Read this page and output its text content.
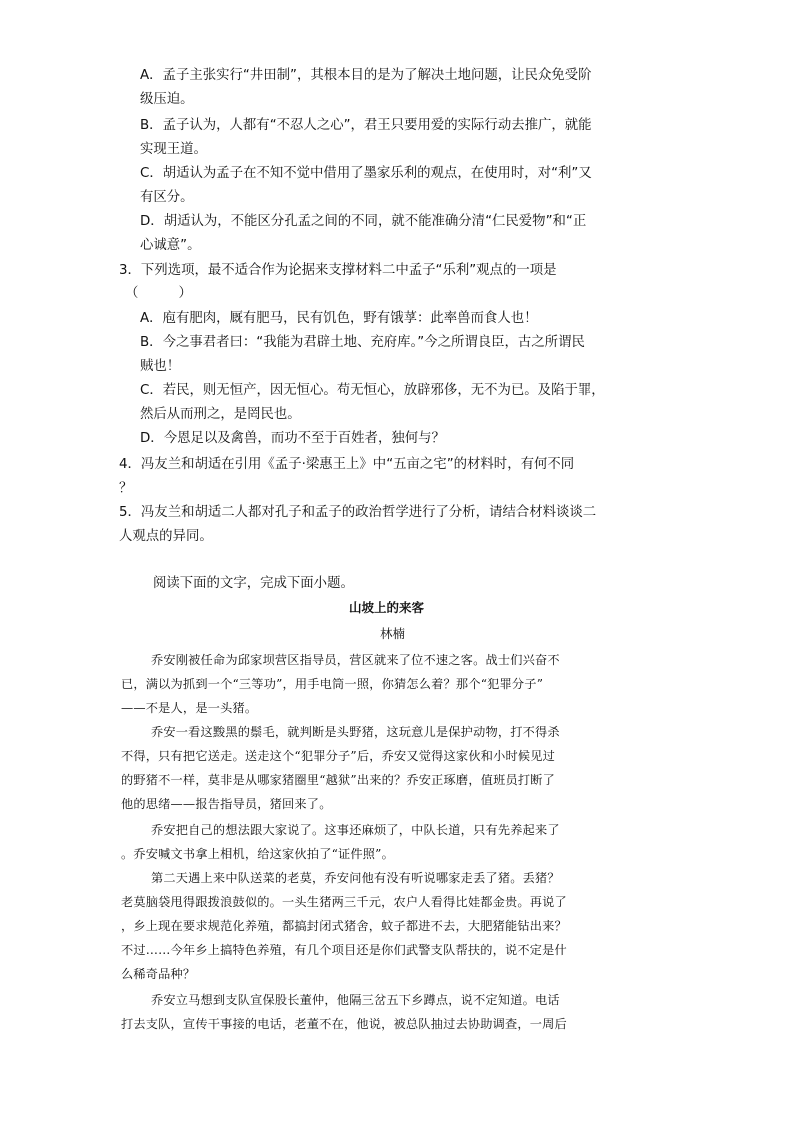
A．孟子主张实行“井田制”，其根本目的是为了解决土地问题，让民众免受阶
级压迫。
B．孟子认为，人都有“不忍人之心”，君王只要用爱的实际行动去推广，就能
实现王道。
C．胡适认为孟子在不知不觉中借用了墨家乐利的观点，在使用时，对“利”又
有区分。
D．胡适认为，不能区分孔孟之间的不同，就不能准确分清“仁民爱物”和“正
心诚意”。
3．下列选项，最不适合作为论据来支撑材料二中孟子“乐利”观点的一项是
（　　　）
A．庖有肥肉，厩有肥马，民有饥色，野有饿莩：此率兽而食人也！
B．今之事君者曰：“我能为君辟土地、充府库。”今之所谓良臣，古之所谓民
贼也！
C．若民，则无恒产，因无恒心。苟无恒心，放辟邪侈，无不为已。及陷于罪，
然后从而刑之，是罔民也。
D．今恩足以及禽兽，而功不至于百姓者，独何与？
4．冯友兰和胡适在引用《孟子·梁惠王上》中“五亩之宅”的材料时，有何不同
？
5．冯友兰和胡适二人都对孔子和孟子的政治哲学进行了分析，请结合材料谈谈二
人观点的异同。
阅读下面的文字，完成下面小题。
山坡上的来客
林楠
乔安刚被任命为邱家坝营区指导员，营区就来了位不速之客。战士们兴奋不
已，满以为抓到一个“三等功”，用手电筒一照，你猜怎么着？那个“犯罪分子”
——不是人，是一头猪。
乔安一看这黢黑的鬃毛，就判断是头野猪，这玩意儿是保护动物，打不得杀
不得，只有把它送走。送走这个“犯罪分子”后，乔安又觉得这家伙和小时候见过
的野猪不一样，莫非是从哪家猪圈里“越狱”出来的？乔安正琢磨，值班员打断了
他的思绪——报告指导员，猪回来了。
乔安把自己的想法跟大家说了。这事还麻烦了，中队长道，只有先养起来了
。乔安喊文书拿上相机，给这家伙拍了“证件照”。
第二天遇上来中队送菜的老莫，乔安问他有没有听说哪家走丢了猪。丢猪？
老莫脑袋甩得跟拨浪鼓似的。一头生猪两三千元，农户人看得比娃都金贵。再说了
，乡上现在要求规范化养殖，都搞封闭式猪舍，蚊子都进不去，大肥猪能钻出来？
不过……今年乡上搞特色养殖，有几个项目还是你们武警支队帮扶的，说不定是什
么稀奇品种？
乔安立马想到支队宣保股长董仲，他隔三岔五下乡蹲点，说不定知道。电话
打去支队，宣传干事接的电话，老董不在，他说，被总队抽过去协助调查，一周后
